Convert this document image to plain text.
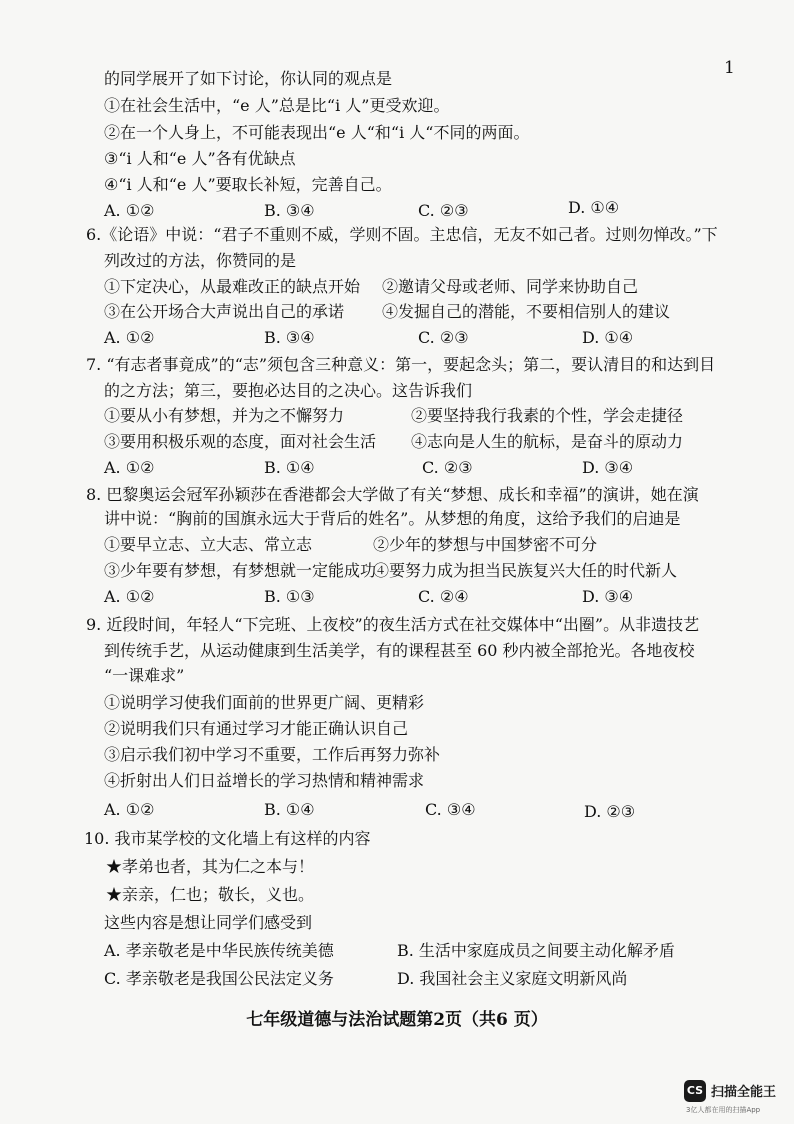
1
的同学展开了如下讨论，你认同的观点是
①在社会生活中，“e 人”总是比“i 人”更受欢迎。
②在一个人身上，不可能表现出“e 人“和“i 人“不同的两面。
③“i 人和“e 人”各有优缺点
④“i 人和“e 人”要取长补短，完善自己。
A. ①②	B. ③④	C. ②③	D. ①④
6.《论语》中说：“君子不重则不威，学则不固。主忠信，无友不如己者。过则勿惮改。”下
列改过的方法，你赞同的是
①下定决心，从最难改正的缺点开始 ②邀请父母或老师、同学来协助自己
③在公开场合大声说出自己的承诺 ④发掘自己的潜能，不要相信别人的建议
A. ①②	B. ③④	C. ②③	D. ①④
7. “有志者事竟成”的“志”须包含三种意义：第一，要起念头；第二，要认清目的和达到目
的之方法；第三，要抱必达目的之决心。这告诉我们
①要从小有梦想，并为之不懈努力	②要坚持我行我素的个性，学会走捷径
③要用积极乐观的态度，面对社会生活 ④志向是人生的航标，是奋斗的原动力
A. ①②	B. ①④	C. ②③	D. ③④
8. 巴黎奥运会冠军孙颖莎在香港都会大学做了有关“梦想、成长和幸福”的演讲，她在演
讲中说：“胸前的国旗永远大于背后的姓名”。从梦想的角度，这给予我们的启迪是
①要早立志、立大志、常立志	②少年的梦想与中国梦密不可分
③少年要有梦想，有梦想就一定能成功
④要努力成为担当民族复兴大任的时代新人
A. ①②	B. ①③	C. ②④	D. ③④
9. 近段时间，年轻人“下完班、上夜校”的夜生活方式在社交媒体中“出圈”。从非遗技艺
到传统手艺，从运动健康到生活美学，有的课程甚至 60 秒内被全部抢光。各地夜校
“一课难求”
①说明学习使我们面前的世界更广阔、更精彩
②说明我们只有通过学习才能正确认识自己
③启示我们初中学习不重要，工作后再努力弥补
④折射出人们日益增长的学习热情和精神需求
A. ①②	B. ①④	C. ③④	D. ②③
10. 我市某学校的文化墙上有这样的内容
★孝弟也者，其为仁之本与！
★亲亲，仁也；敬长，义也。
这些内容是想让同学们感受到
A. 孝亲敬老是中华民族传统美德	B. 生活中家庭成员之间要主动化解矛盾
C. 孝亲敬老是我国公民法定义务	D. 我国社会主义家庭文明新风尚
七年级道德与法治试题第2页（共6 页）
CS 扫描全能王
3亿人都在用的扫描App
